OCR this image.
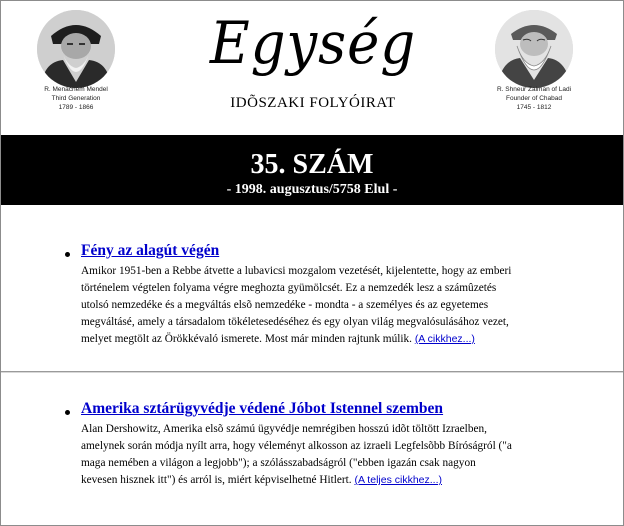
R. Menachem Mendel
Third Generation
1789 - 1866
Egység
IDÕSZAKI FOLYÓIRAT
R. Shneur Zalman of Ladi
Founder of Chabad
1745 - 1812
35. SZÁM
- 1998. augusztus/5758 Elul -
Fény az alagút végén
Amikor 1951-ben a Rebbe átvette a lubavicsi mozgalom vezetését, kijelentette, hogy az emberi
történelem végtelen folyama végre meghozta gyümölcsét. Ez a nemzedék lesz a számûzetés
utolsó nemzedéke és a megváltás elsõ nemzedéke - mondta - a személyes és az egyetemes
megváltásé, amely a társadalom tökéletesedéséhez és egy olyan világ megvalósulásához vezet,
melyet megtölt az Örökkévaló ismerete. Most már minden rajtunk múlik. (A cikkhez...)
Amerika sztárügyvédje védené Jóbot Istennel szemben
Alan Dershowitz, Amerika elsõ számú ügyvédje nemrégiben hosszú idõt töltött Izraelben,
amelynek során módja nyílt arra, hogy véleményt alkosson az izraeli Legfelsõbb Bíróságról ("a
maga nemében a világon a legjobb"); a szólásszabadságról ("ebben igazán csak nagyon
kevesen hisznek itt") és arról is, miért képviselhetné Hitlert. (A teljes cikkhez...)
